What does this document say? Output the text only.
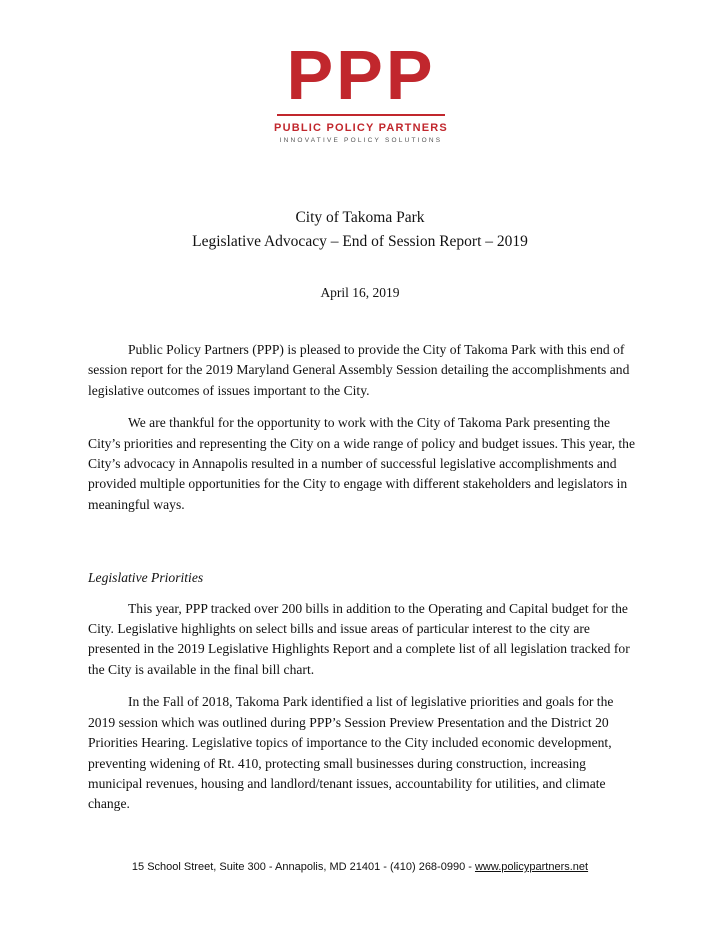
PPP
PUBLIC POLICY PARTNERS
INNOVATIVE POLICY SOLUTIONS
City of Takoma Park
Legislative Advocacy – End of Session Report – 2019
April 16, 2019

Public Policy Partners (PPP) is pleased to provide the City of Takoma Park with this end of session report for the 2019 Maryland General Assembly Session detailing the accomplishments and legislative outcomes of issues important to the City.

We are thankful for the opportunity to work with the City of Takoma Park presenting the City’s priorities and representing the City on a wide range of policy and budget issues. This year, the City’s advocacy in Annapolis resulted in a number of successful legislative accomplishments and provided multiple opportunities for the City to engage with different stakeholders and legislators in meaningful ways.

Legislative Priorities

This year, PPP tracked over 200 bills in addition to the Operating and Capital budget for the City. Legislative highlights on select bills and issue areas of particular interest to the city are presented in the 2019 Legislative Highlights Report and a complete list of all legislation tracked for the City is available in the final bill chart.

In the Fall of 2018, Takoma Park identified a list of legislative priorities and goals for the 2019 session which was outlined during PPP’s Session Preview Presentation and the District 20 Priorities Hearing. Legislative topics of importance to the City included economic development, preventing widening of Rt. 410, protecting small businesses during construction, increasing municipal revenues, housing and landlord/tenant issues, accountability for utilities, and climate change.

15 School Street, Suite 300 - Annapolis, MD 21401 - (410) 268-0990 - www.policypartners.net
